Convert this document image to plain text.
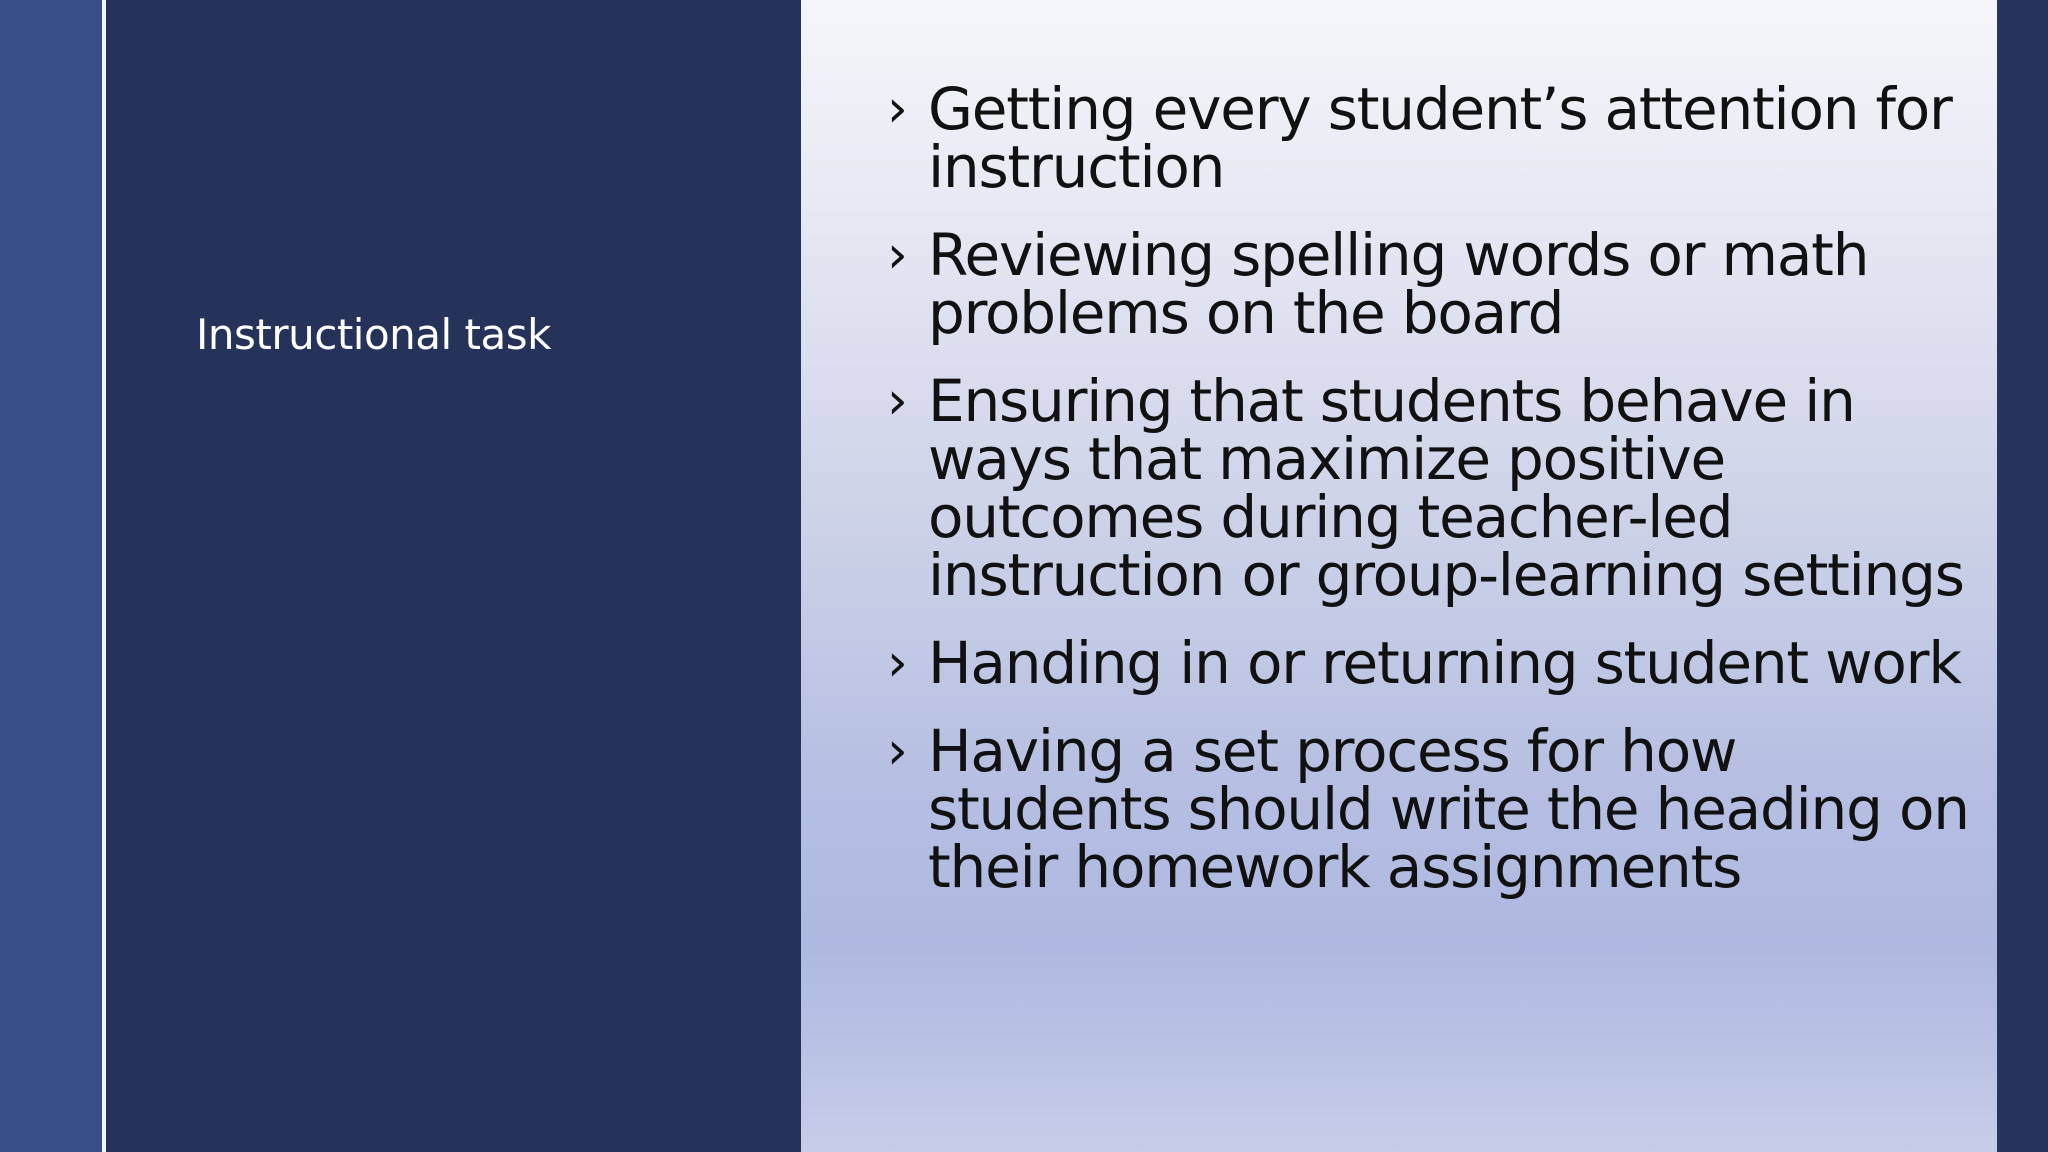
Instructional task
› Getting every student’s attention for instruction
› Reviewing spelling words or math problems on the board
› Ensuring that students behave in ways that maximize positive outcomes during teacher-led instruction or group-learning settings
› Handing in or returning student work
› Having a set process for how students should write the heading on their homework assignments
